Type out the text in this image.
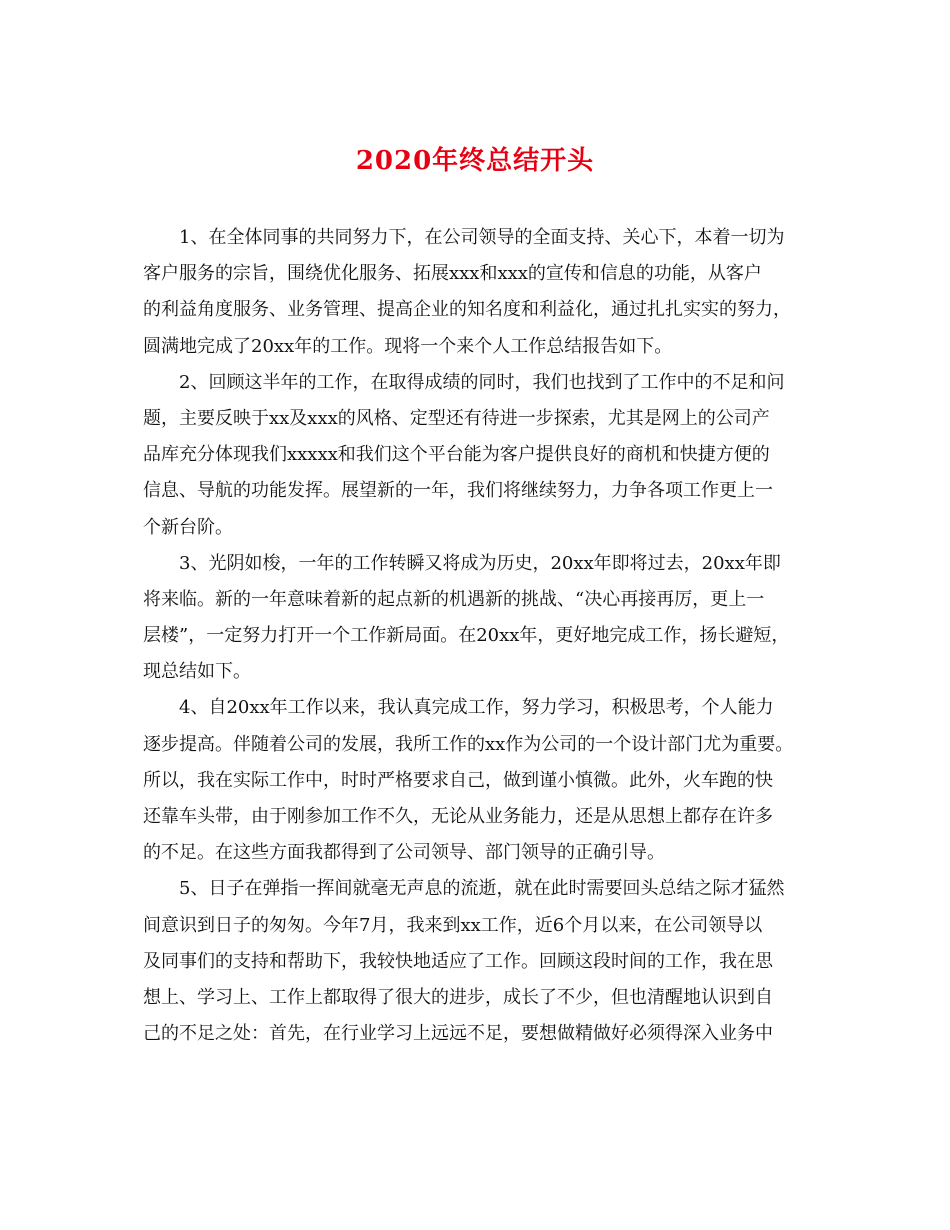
2020年终总结开头
1、在全体同事的共同努力下，在公司领导的全面支持、关心下，本着一切为
客户服务的宗旨，围绕优化服务、拓展xxx和xxx的宣传和信息的功能，从客户
的利益角度服务、业务管理、提高企业的知名度和利益化，通过扎扎实实的努力，
圆满地完成了20xx年的工作。现将一个来个人工作总结报告如下。
2、回顾这半年的工作，在取得成绩的同时，我们也找到了工作中的不足和问
题，主要反映于xx及xxx的风格、定型还有待进一步探索，尤其是网上的公司产
品库充分体现我们xxxxx和我们这个平台能为客户提供良好的商机和快捷方便的
信息、导航的功能发挥。展望新的一年，我们将继续努力，力争各项工作更上一
个新台阶。
3、光阴如梭，一年的工作转瞬又将成为历史，20xx年即将过去，20xx年即
将来临。新的一年意味着新的起点新的机遇新的挑战、“决心再接再厉，更上一
层楼”，一定努力打开一个工作新局面。在20xx年，更好地完成工作，扬长避短，
现总结如下。
4、自20xx年工作以来，我认真完成工作，努力学习，积极思考，个人能力
逐步提高。伴随着公司的发展，我所工作的xx作为公司的一个设计部门尤为重要。
所以，我在实际工作中，时时严格要求自己，做到谨小慎微。此外，火车跑的快
还靠车头带，由于刚参加工作不久，无论从业务能力，还是从思想上都存在许多
的不足。在这些方面我都得到了公司领导、部门领导的正确引导。
5、日子在弹指一挥间就毫无声息的流逝，就在此时需要回头总结之际才猛然
间意识到日子的匆匆。今年7月，我来到xx工作，近6个月以来，在公司领导以
及同事们的支持和帮助下，我较快地适应了工作。回顾这段时间的工作，我在思
想上、学习上、工作上都取得了很大的进步，成长了不少，但也清醒地认识到自
己的不足之处：首先，在行业学习上远远不足，要想做精做好必须得深入业务中
